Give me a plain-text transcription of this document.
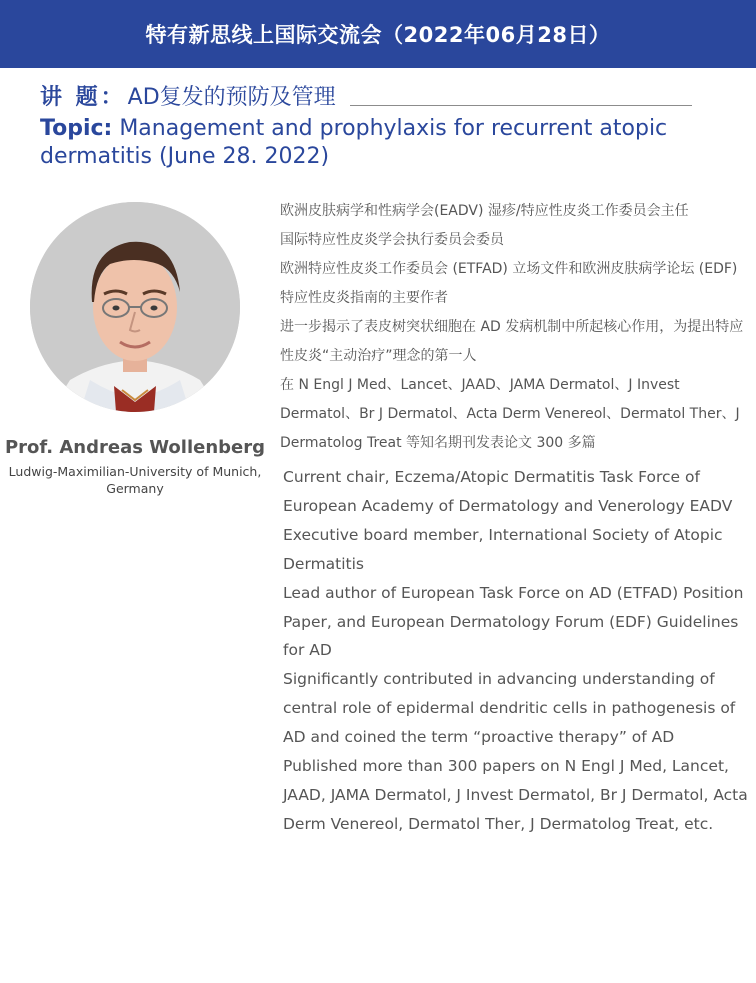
特有新思线上国际交流会（2022年06月28日）
讲 题： AD复发的预防及管理
Topic: Management and prophylaxis for recurrent atopic dermatitis (June 28. 2022)
Prof. Andreas Wollenberg
Ludwig-Maximilian-University of Munich, Germany
欧洲皮肤病学和性病学会(EADV) 湿疹/特应性皮炎工作委员会主任
国际特应性皮炎学会执行委员会委员
欧洲特应性皮炎工作委员会 (ETFAD) 立场文件和欧洲皮肤病学论坛 (EDF) 特应性皮炎指南的主要作者
进一步揭示了表皮树突状细胞在 AD 发病机制中所起核心作用，为提出特应性皮炎“主动治疗”理念的第一人
在 N Engl J Med、Lancet、JAAD、JAMA Dermatol、J Invest Dermatol、Br J Dermatol、Acta Derm Venereol、Dermatol Ther、J Dermatolog Treat 等知名期刊发表论文 300 多篇
Current chair, Eczema/Atopic Dermatitis Task Force of European Academy of Dermatology and Venerology EADV
Executive board member, International Society of Atopic Dermatitis
Lead author of European Task Force on AD (ETFAD) Position Paper, and European Dermatology Forum (EDF) Guidelines for AD
Significantly contributed in advancing understanding of central role of epidermal dendritic cells in pathogenesis of AD and coined the term “proactive therapy” of AD
Published more than 300 papers on N Engl J Med, Lancet, JAAD, JAMA Dermatol, J Invest Dermatol, Br J Dermatol, Acta Derm Venereol, Dermatol Ther, J Dermatolog Treat, etc.
